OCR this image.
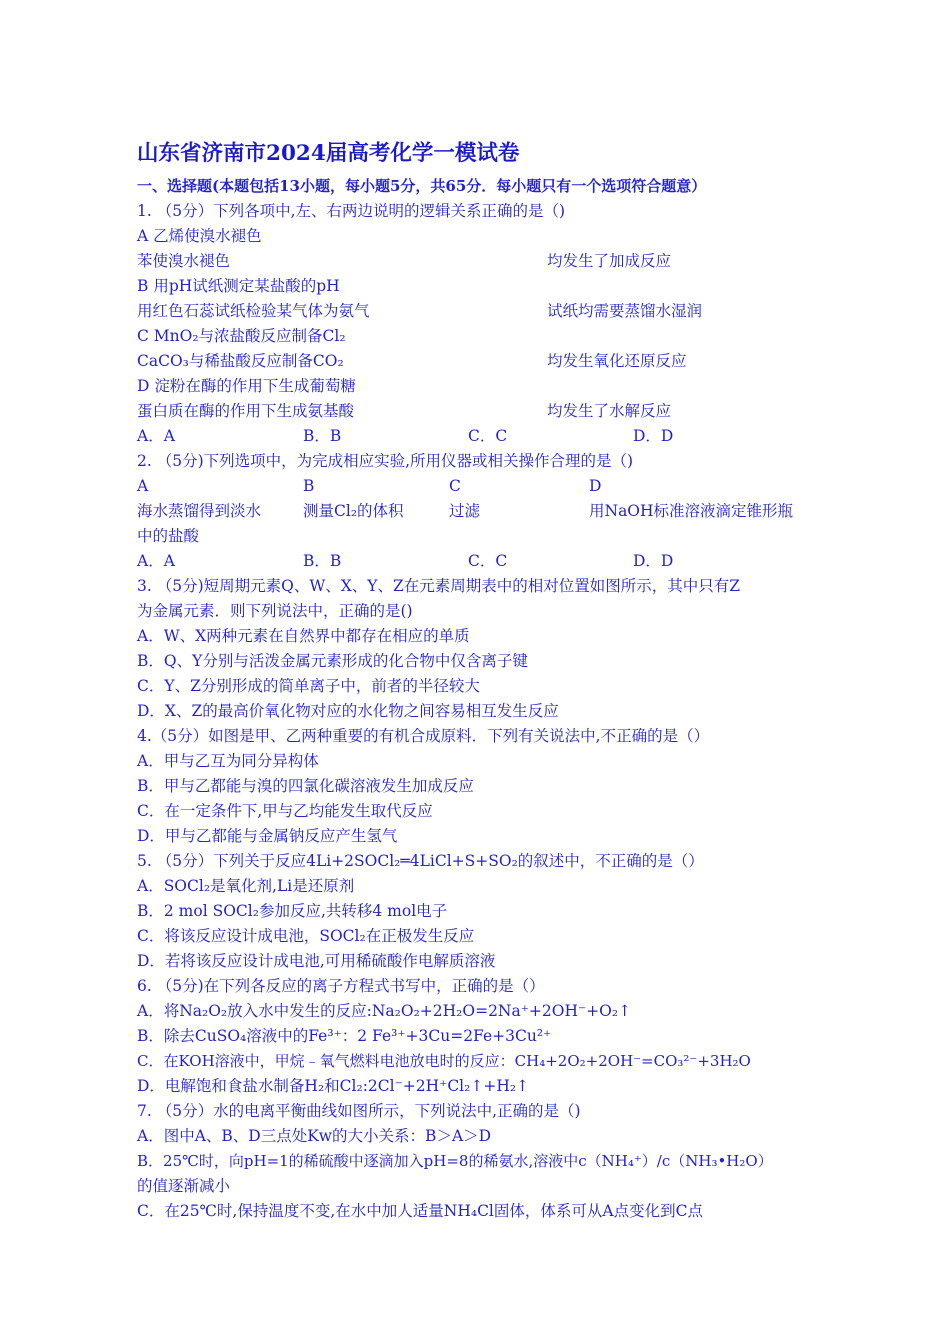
山东省济南市2024届高考化学一模试卷
一、选择题(本题包括13小题，每小题5分，共65分．每小题只有一个选项符合题意）
1. （5分）下列各项中,左、右两边说明的逻辑关系正确的是（)
A 乙烯使溴水褪色
苯使溴水褪色	均发生了加成反应
B 用pH试纸测定某盐酸的pH
用红色石蕊试纸检验某气体为氨气	试纸均需要蒸馏水湿润
C MnO₂与浓盐酸反应制备Cl₂
CaCO₃与稀盐酸反应制备CO₂	均发生氧化还原反应
D 淀粉在酶的作用下生成葡萄糖
蛋白质在酶的作用下生成氨基酸	均发生了水解反应
A．A	B．B	C．C	D．D
2. （5分)下列选项中，为完成相应实验,所用仪器或相关操作合理的是（)
A	B	C	D
海水蒸馏得到淡水	测量Cl₂的体积	过滤	用NaOH标准溶液滴定锥形瓶
中的盐酸
A．A	B．B	C．C	D．D
3. （5分)短周期元素Q、W、X、Y、Z在元素周期表中的相对位置如图所示，其中只有Z
为金属元素．则下列说法中，正确的是()
A．W、X两种元素在自然界中都存在相应的单质
B．Q、Y分别与活泼金属元素形成的化合物中仅含离子键
C．Y、Z分别形成的简单离子中，前者的半径较大
D．X、Z的最高价氧化物对应的水化物之间容易相互发生反应
4.（5分）如图是甲、乙两种重要的有机合成原料．下列有关说法中,不正确的是（）
A．甲与乙互为同分异构体
B．甲与乙都能与溴的四氯化碳溶液发生加成反应
C．在一定条件下,甲与乙均能发生取代反应
D．甲与乙都能与金属钠反应产生氢气
5. （5分）下列关于反应4Li+2SOCl₂═4LiCl+S+SO₂的叙述中，不正确的是（）
A．SOCl₂是氧化剂,Li是还原剂
B．2 mol SOCl₂参加反应,共转移4 mol电子
C．将该反应设计成电池，SOCl₂在正极发生反应
D．若将该反应设计成电池,可用稀硫酸作电解质溶液
6. （5分)在下列各反应的离子方程式书写中，正确的是（）
A．将Na₂O₂放入水中发生的反应:Na₂O₂+2H₂O=2Na⁺+2OH⁻+O₂↑
B．除去CuSO₄溶液中的Fe³⁺：2 Fe³⁺+3Cu=2Fe+3Cu²⁺
C．在KOH溶液中，甲烷﹣氧气燃料电池放电时的反应：CH₄+2O₂+2OH⁻=CO₃²⁻+3H₂O
D．电解饱和食盐水制备H₂和Cl₂:2Cl⁻+2H⁺Cl₂↑+H₂↑
7. （5分）水的电离平衡曲线如图所示，下列说法中,正确的是（)
A．图中A、B、D三点处Kw的大小关系：B＞A＞D
B．25℃时，向pH=1的稀硫酸中逐滴加入pH=8的稀氨水,溶液中c（NH₄⁺）/c（NH₃•H₂O）
的值逐渐减小
C．在25℃时,保持温度不变,在水中加人适量NH₄Cl固体，体系可从A点变化到C点
